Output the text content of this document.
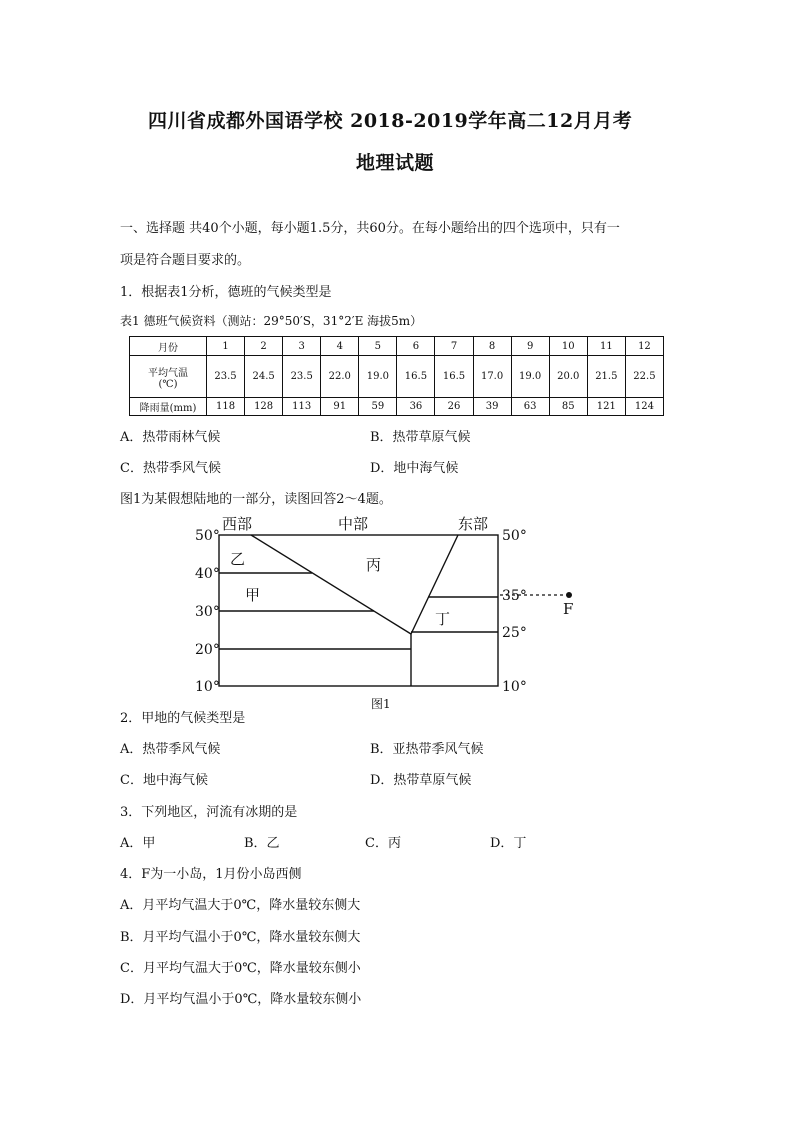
四川省成都外国语学校 2018-2019学年高二12月月考
地理试题
一、选择题 共40个小题，每小题1.5分，共60分。在每小题给出的四个选项中，只有一
项是符合题目要求的。
1．根据表1分析，德班的气候类型是
表1 德班气候资料（测站：29°50′S，31°2′E 海拔5m）
月份	1	2	3	4	5	6	7	8	9	10	11	12

平均气温
(℃)	23.5	24.5	23.5	22.0	19.0	16.5	16.5	17.0	19.0	20.0	21.5	22.5
降雨量(mm)	118	128	113	91	59	36	26	39	63	85	121	124
A．热带雨林气候	B．热带草原气候
C．热带季风气候	D．地中海气候
图1为某假想陆地的一部分，读图回答2～4题。
西部	中部	东部
50°
40°
30°
20°
10°
50°
35°
25°
10°
乙
甲
丙
丁
F
图1
2．甲地的气候类型是
A．热带季风气候	B．亚热带季风气候
C．地中海气候	D．热带草原气候
3．下列地区，河流有冰期的是
A．甲	B．乙	C．丙	D．丁
4．F为一小岛，1月份小岛西侧
A．月平均气温大于0℃，降水量较东侧大
B．月平均气温小于0℃，降水量较东侧大
C．月平均气温大于0℃，降水量较东侧小
D．月平均气温小于0℃，降水量较东侧小
